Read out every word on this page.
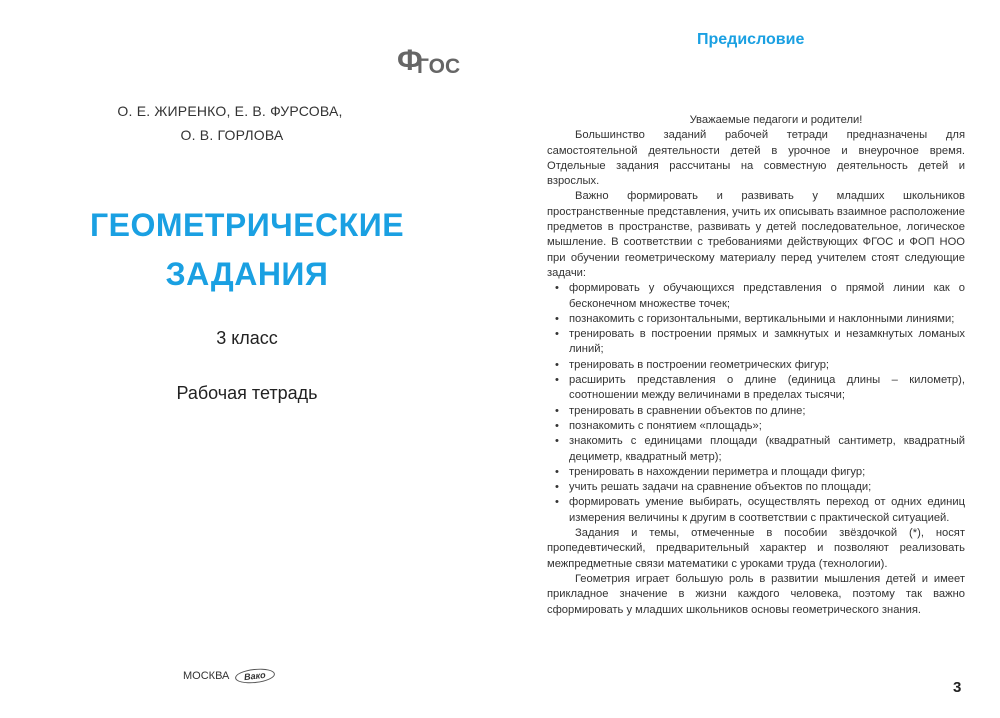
Ф
ГОС
О. Е. ЖИРЕНКО, Е. В. ФУРСОВА,
О. В. ГОРЛОВА
ГЕОМЕТРИЧЕСКИЕ
ЗАДАНИЯ
3 класс
Рабочая тетрадь
МОСКВА	Вако
Предисловие

Уважаемые педагоги и родители!

Большинство заданий рабочей тетради предназначены для самостоятельной деятельности детей в урочное и внеурочное время. Отдельные задания рассчитаны на совместную деятельность детей и взрослых.

Важно формировать и развивать у младших школьников пространственные представления, учить их описывать взаимное расположение предметов в пространстве, развивать у детей последовательное, логическое мышление. В соответствии с требованиями действующих ФГОС и ФОП НОО при обучении геометрическому материалу перед учителем стоят следующие задачи:

• формировать у обучающихся представления о прямой линии как о бесконечном множестве точек;
• познакомить с горизонтальными, вертикальными и наклонными линиями;
• тренировать в построении прямых и замкнутых и незамкнутых ломаных линий;
• тренировать в построении геометрических фигур;
• расширить представления о длине (единица длины – километр), соотношении между величинами в пределах тысячи;
• тренировать в сравнении объектов по длине;
• познакомить с понятием «площадь»;
• знакомить с единицами площади (квадратный сантиметр, квадратный дециметр, квадратный метр);
• тренировать в нахождении периметра и площади фигур;
• учить решать задачи на сравнение объектов по площади;
• формировать умение выбирать, осуществлять переход от одних единиц измерения величины к другим в соответствии с практической ситуацией.

Задания и темы, отмеченные в пособии звёздочкой (*), носят пропедевтический, предварительный характер и позволяют реализовать межпредметные связи математики с уроками труда (технологии).

Геометрия играет большую роль в развитии мышления детей и имеет прикладное значение в жизни каждого человека, поэтому так важно сформировать у младших школьников основы геометрического знания.

3
